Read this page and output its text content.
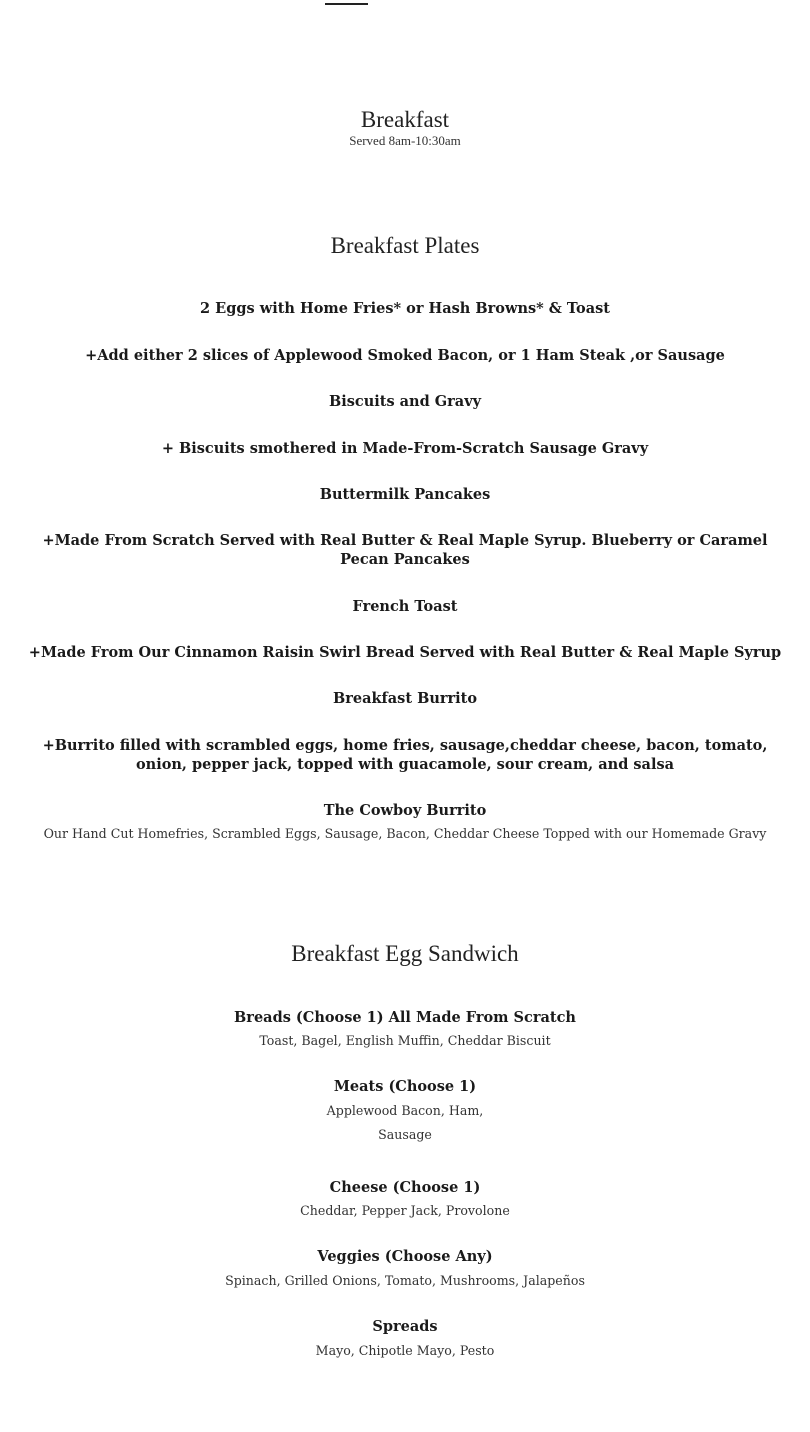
Breakfast
Served 8am-10:30am
Breakfast Plates
2 Eggs with Home Fries* or Hash Browns* & Toast
+Add either 2 slices of Applewood Smoked Bacon, or 1 Ham Steak ,or Sausage
Biscuits and Gravy
+ Biscuits smothered in Made-From-Scratch Sausage Gravy
Buttermilk Pancakes
+Made From Scratch Served with Real Butter & Real Maple Syrup. Blueberry or Caramel Pecan Pancakes
French Toast
+Made From Our Cinnamon Raisin Swirl Bread Served with Real Butter & Real Maple Syrup
Breakfast Burrito
+Burrito filled with scrambled eggs, home fries, sausage,cheddar cheese, bacon, tomato, onion, pepper jack, topped with guacamole, sour cream, and salsa
The Cowboy Burrito
Our Hand Cut Homefries, Scrambled Eggs, Sausage, Bacon, Cheddar Cheese Topped with our Homemade Gravy
Breakfast Egg Sandwich
Breads (Choose 1) All Made From Scratch
Toast, Bagel, English Muffin, Cheddar Biscuit
Meats (Choose 1)
Applewood Bacon, Ham,
Sausage
Cheese (Choose 1)
Cheddar, Pepper Jack, Provolone
Veggies (Choose Any)
Spinach, Grilled Onions, Tomato, Mushrooms, Jalapeños
Spreads
Mayo, Chipotle Mayo, Pesto
